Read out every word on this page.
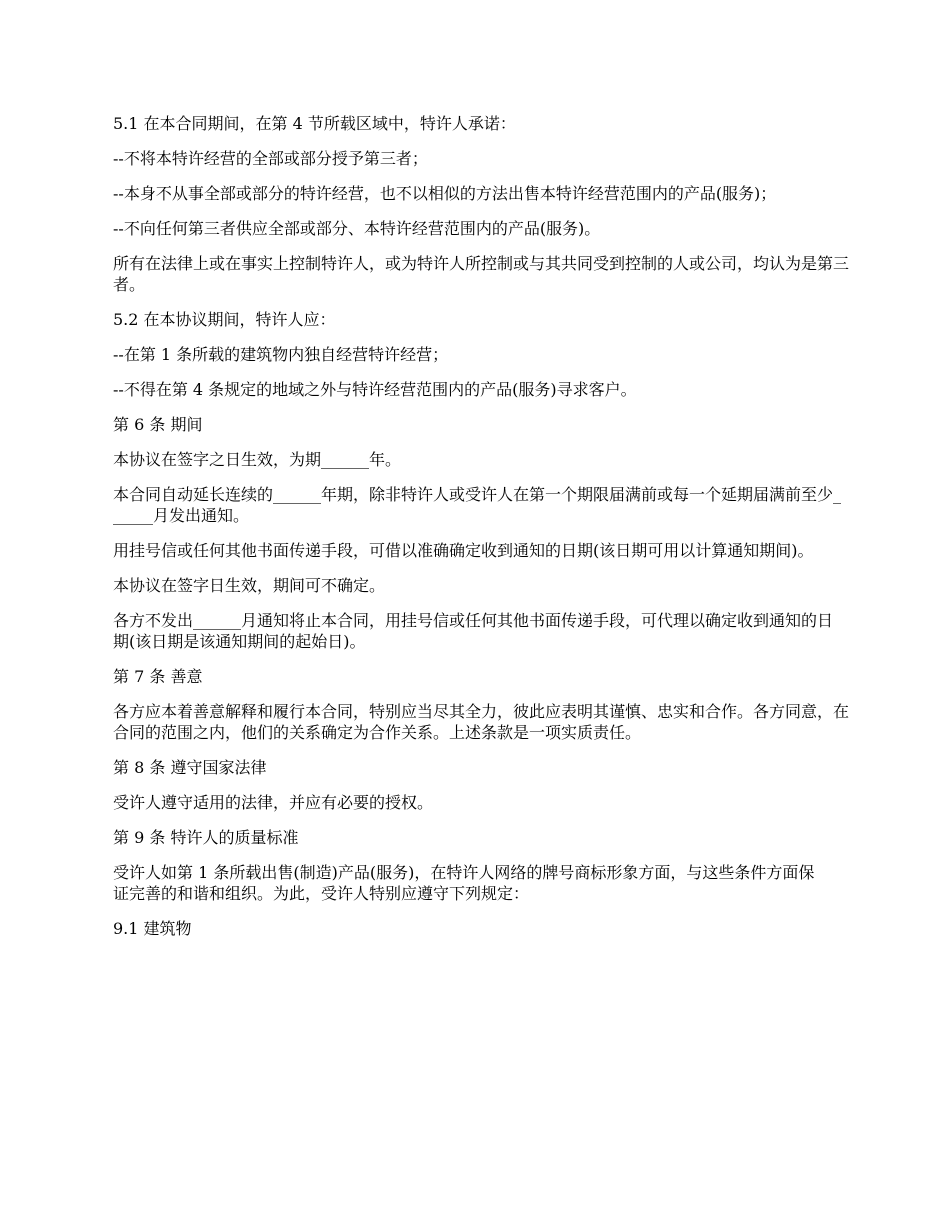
5.1 在本合同期间，在第 4 节所载区域中，特许人承诺：

--不将本特许经营的全部或部分授予第三者；

--本身不从事全部或部分的特许经营，也不以相似的方法出售本特许经营范围内的产品(服务)；

--不向任何第三者供应全部或部分、本特许经营范围内的产品(服务)。

所有在法律上或在事实上控制特许人，或为特许人所控制或与其共同受到控制的人或公司，均认为是第三者。

5.2 在本协议期间，特许人应：

--在第 1 条所载的建筑物内独自经营特许经营；

--不得在第 4 条规定的地域之外与特许经营范围内的产品(服务)寻求客户。

第 6 条 期间

本协议在签字之日生效，为期______年。

本合同自动延长连续的______年期，除非特许人或受许人在第一个期限届满前或每一个延期届满前至少______月发出通知。

用挂号信或任何其他书面传递手段，可借以准确确定收到通知的日期(该日期可用以计算通知期间)。

本协议在签字日生效，期间可不确定。

各方不发出______月通知将止本合同，用挂号信或任何其他书面传递手段，可代理以确定收到通知的日期(该日期是该通知期间的起始日)。

第 7 条 善意

各方应本着善意解释和履行本合同，特别应当尽其全力，彼此应表明其谨慎、忠实和合作。各方同意，在合同的范围之内，他们的关系确定为合作关系。上述条款是一项实质责任。

第 8 条 遵守国家法律

受许人遵守适用的法律，并应有必要的授权。

第 9 条 特许人的质量标准

受许人如第 1 条所载出售(制造)产品(服务)，在特许人网络的牌号商标形象方面，与这些条件方面保证完善的和谐和组织。为此，受许人特别应遵守下列规定：

9.1 建筑物
